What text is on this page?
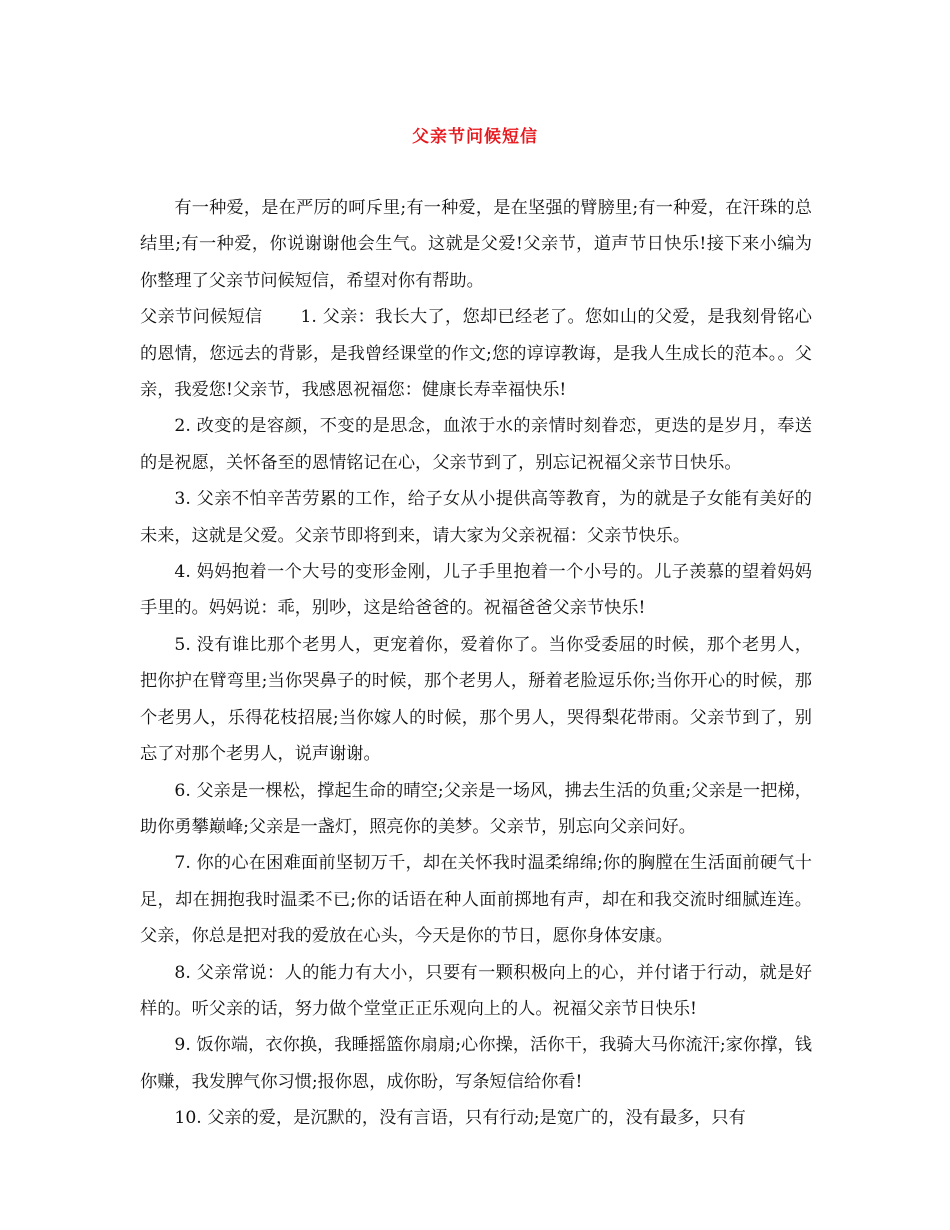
父亲节问候短信

有一种爱，是在严厉的呵斥里;有一种爱，是在坚强的臂膀里;有一种爱，在汗珠的总结里;有一种爱，你说谢谢他会生气。这就是父爱!父亲节，道声节日快乐!接下来小编为你整理了父亲节问候短信，希望对你有帮助。

父亲节问候短信 1. 父亲：我长大了，您却已经老了。您如山的父爱，是我刻骨铭心的恩情，您远去的背影，是我曾经课堂的作文;您的谆谆教诲，是我人生成长的范本。。父亲，我爱您!父亲节，我感恩祝福您：健康长寿幸福快乐!

2. 改变的是容颜，不变的是思念，血浓于水的亲情时刻眷恋，更迭的是岁月，奉送的是祝愿，关怀备至的恩情铭记在心，父亲节到了，别忘记祝福父亲节日快乐。

3. 父亲不怕辛苦劳累的工作，给子女从小提供高等教育，为的就是子女能有美好的未来，这就是父爱。父亲节即将到来，请大家为父亲祝福：父亲节快乐。

4. 妈妈抱着一个大号的变形金刚，儿子手里抱着一个小号的。儿子羡慕的望着妈妈手里的。妈妈说：乖，别吵，这是给爸爸的。祝福爸爸父亲节快乐!

5. 没有谁比那个老男人，更宠着你，爱着你了。当你受委屈的时候，那个老男人，把你护在臂弯里;当你哭鼻子的时候，那个老男人，掰着老脸逗乐你;当你开心的时候，那个老男人，乐得花枝招展;当你嫁人的时候，那个男人，哭得梨花带雨。父亲节到了，别忘了对那个老男人，说声谢谢。

6. 父亲是一棵松，撑起生命的晴空;父亲是一场风，拂去生活的负重;父亲是一把梯，助你勇攀巅峰;父亲是一盏灯，照亮你的美梦。父亲节，别忘向父亲问好。

7. 你的心在困难面前坚韧万千，却在关怀我时温柔绵绵;你的胸膛在生活面前硬气十足，却在拥抱我时温柔不已;你的话语在种人面前掷地有声，却在和我交流时细腻连连。父亲，你总是把对我的爱放在心头，今天是你的节日，愿你身体安康。

8. 父亲常说：人的能力有大小，只要有一颗积极向上的心，并付诸于行动，就是好样的。听父亲的话，努力做个堂堂正正乐观向上的人。祝福父亲节日快乐!

9. 饭你端，衣你换，我睡摇篮你扇扇;心你操，活你干，我骑大马你流汗;家你撑，钱你赚，我发脾气你习惯;报你恩，成你盼，写条短信给你看!

10. 父亲的爱，是沉默的，没有言语，只有行动;是宽广的，没有最多，只有
